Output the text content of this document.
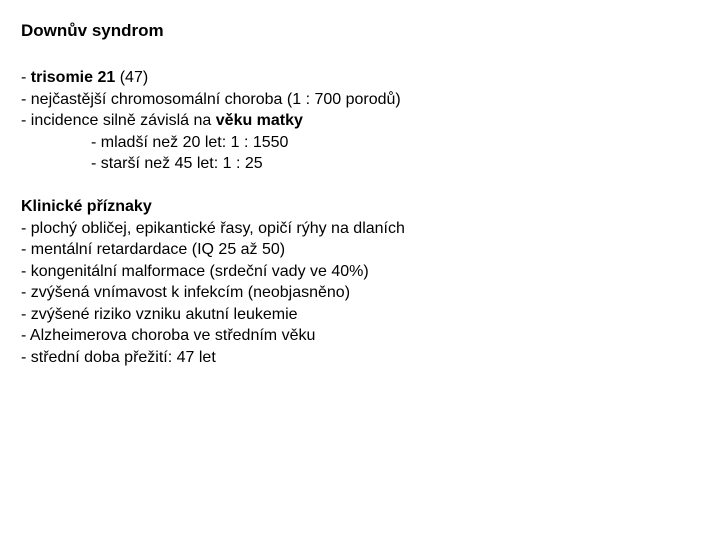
Downův syndrom
- trisomie 21 (47)
- nejčastější chromosomální choroba (1 : 700 porodů)
- incidence silně závislá na věku matky
- mladší než 20 let: 1 : 1550
- starší než 45 let: 1 : 25
Klinické příznaky
- plochý obličej, epikantické řasy, opičí rýhy na dlaních
- mentální retardardace (IQ 25 až 50)
- kongenitální malformace (srdeční vady ve 40%)
- zvýšená vnímavost k infekcím (neobjasněno)
- zvýšené riziko vzniku akutní leukemie
- Alzheimerova choroba ve středním věku
- střední doba přežití: 47 let
